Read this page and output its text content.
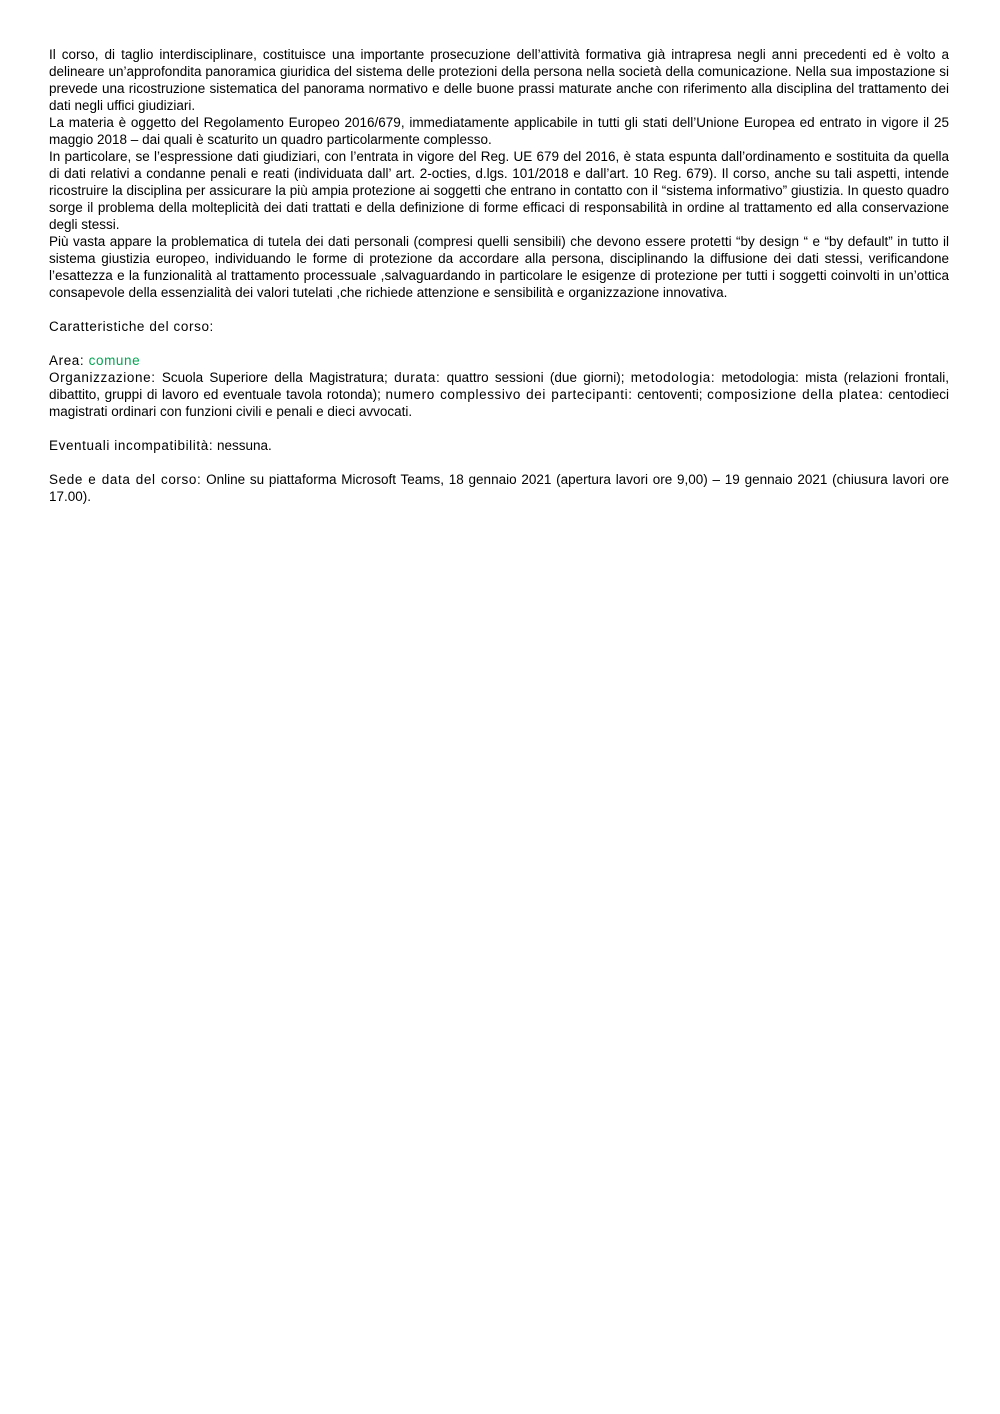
Il corso, di taglio interdisciplinare, costituisce una importante prosecuzione dell’attività formativa già intrapresa negli anni precedenti ed è volto a delineare un’approfondita panoramica giuridica del sistema delle protezioni della persona nella società della comunicazione. Nella sua impostazione si prevede una ricostruzione sistematica del panorama normativo e delle buone prassi maturate anche con riferimento alla disciplina del trattamento dei dati negli uffici giudiziari.

La materia è oggetto del Regolamento Europeo 2016/679, immediatamente applicabile in tutti gli stati dell’Unione Europea ed entrato in vigore il 25 maggio 2018 – dai quali è scaturito un quadro particolarmente complesso.

In particolare, se l’espressione dati giudiziari, con l’entrata in vigore del Reg. UE 679 del 2016, è stata espunta dall’ordinamento e sostituita da quella di dati relativi a condanne penali e reati (individuata dall’ art. 2-octies, d.lgs. 101/2018 e dall’art. 10 Reg. 679). Il corso, anche su tali aspetti, intende ricostruire la disciplina per assicurare la più ampia protezione ai soggetti che entrano in contatto con il “sistema informativo” giustizia. In questo quadro sorge il problema della molteplicità dei dati trattati e della definizione di forme efficaci di responsabilità in ordine al trattamento ed alla conservazione degli stessi.

Più vasta appare la problematica di tutela dei dati personali (compresi quelli sensibili) che devono essere protetti “by design “ e “by default” in tutto il sistema giustizia europeo, individuando le forme di protezione da accordare alla persona, disciplinando la diffusione dei dati stessi, verificandone l’esattezza e la funzionalità al trattamento processuale ,salvaguardando in particolare le esigenze di protezione per tutti i soggetti coinvolti in un’ottica consapevole della essenzialità dei valori tutelati ,che richiede attenzione e sensibilità e organizzazione innovativa.

Caratteristiche del corso:

Area: comune

Organizzazione: Scuola Superiore della Magistratura; durata: quattro sessioni (due giorni); metodologia: metodologia: mista (relazioni frontali, dibattito, gruppi di lavoro ed eventuale tavola rotonda); numero complessivo dei partecipanti: centoventi; composizione della platea: centodieci magistrati ordinari con funzioni civili e penali e dieci avvocati.

Eventuali incompatibilità: nessuna.

Sede e data del corso: Online su piattaforma Microsoft Teams, 18 gennaio 2021 (apertura lavori ore 9,00) – 19 gennaio 2021 (chiusura lavori ore 17.00).
